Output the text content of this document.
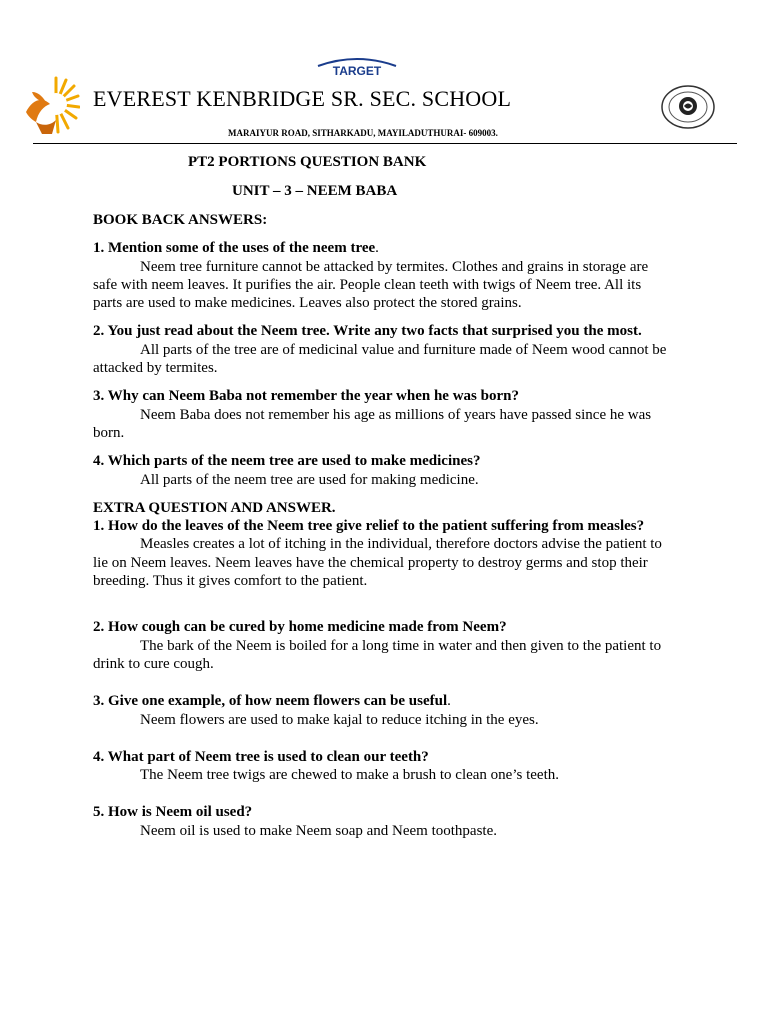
TARGET
EVEREST KENBRIDGE SR. SEC. SCHOOL
MARAIYUR ROAD, SITHARKADU, MAYILADUTHURAI- 609003.
PT2 PORTIONS QUESTION BANK
UNIT – 3 – NEEM BABA

BOOK BACK ANSWERS:

1. Mention some of the uses of the neem tree.

Neem tree furniture cannot be attacked by termites. Clothes and grains in storage are safe with neem leaves. It purifies the air. People clean teeth with twigs of Neem tree. All its parts are used to make medicines. Leaves also protect the stored grains.

2. You just read about the Neem tree. Write any two facts that surprised you the most.

All parts of the tree are of medicinal value and furniture made of Neem wood cannot be attacked by termites.

3. Why can Neem Baba not remember the year when he was born?

Neem Baba does not remember his age as millions of years have passed since he was born.

4. Which parts of the neem tree are used to make medicines?

All parts of the neem tree are used for making medicine.

EXTRA QUESTION AND ANSWER.

1. How do the leaves of the Neem tree give relief to the patient suffering from measles?

Measles creates a lot of itching in the individual, therefore doctors advise the patient to lie on Neem leaves. Neem leaves have the chemical property to destroy germs and stop their breeding. Thus it gives comfort to the patient.

2. How cough can be cured by home medicine made from Neem?

The bark of the Neem is boiled for a long time in water and then given to the patient to drink to cure cough.

3. Give one example, of how neem flowers can be useful.

Neem flowers are used to make kajal to reduce itching in the eyes.

4. What part of Neem tree is used to clean our teeth?

The Neem tree twigs are chewed to make a brush to clean one’s teeth.

5. How is Neem oil used?

Neem oil is used to make Neem soap and Neem toothpaste.
